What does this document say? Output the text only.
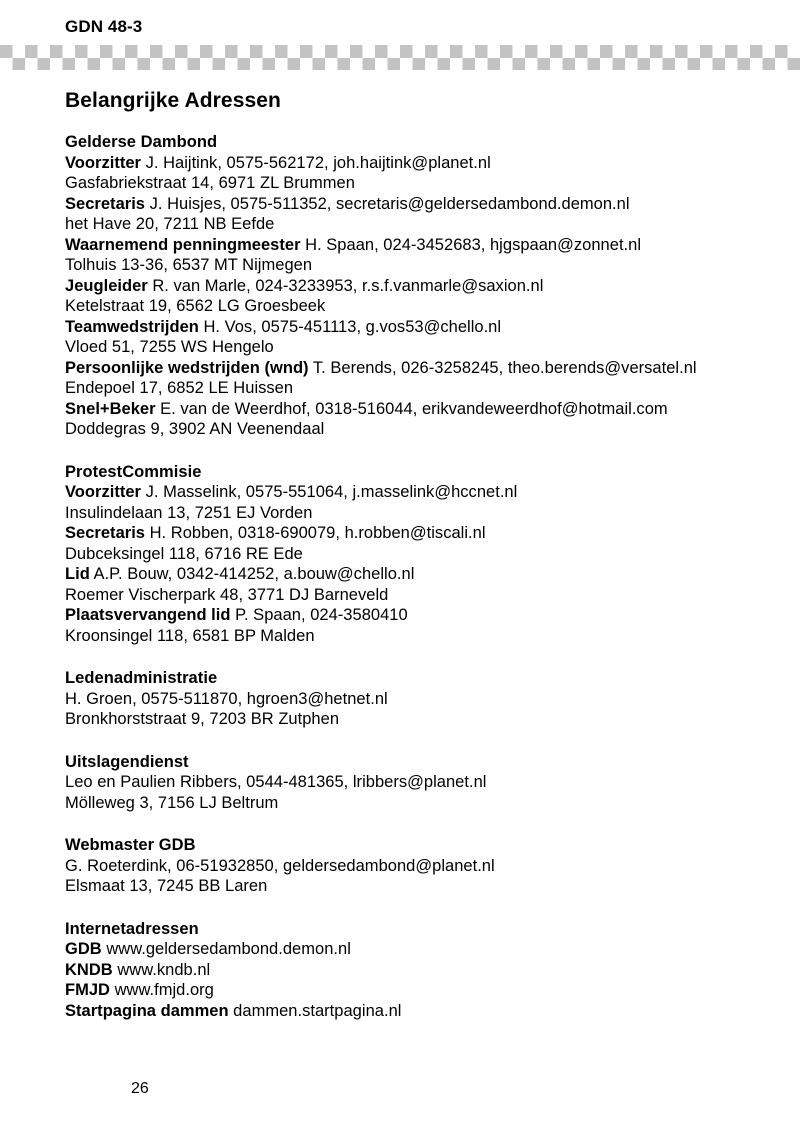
GDN 48-3
Belangrijke Adressen
Gelderse Dambond
Voorzitter J. Haijtink, 0575-562172, joh.haijtink@planet.nl
Gasfabriekstraat 14, 6971 ZL Brummen
Secretaris J. Huisjes, 0575-511352, secretaris@geldersedambond.demon.nl
het Have 20, 7211 NB Eefde
Waarnemend penningmeester H. Spaan, 024-3452683, hjgspaan@zonnet.nl
Tolhuis 13-36, 6537 MT Nijmegen
Jeugleider R. van Marle, 024-3233953, r.s.f.vanmarle@saxion.nl
Ketelstraat 19, 6562 LG Groesbeek
Teamwedstrijden H. Vos, 0575-451113, g.vos53@chello.nl
Vloed 51, 7255 WS Hengelo
Persoonlijke wedstrijden (wnd) T. Berends, 026-3258245, theo.berends@versatel.nl
Endepoel 17, 6852 LE Huissen
Snel+Beker E. van de Weerdhof, 0318-516044, erikvandeweerdhof@hotmail.com
Doddegras 9, 3902 AN Veenendaal
ProtestCommisie
Voorzitter J. Masselink, 0575-551064, j.masselink@hccnet.nl
Insulindelaan 13, 7251 EJ Vorden
Secretaris H. Robben, 0318-690079, h.robben@tiscali.nl
Dubceksingel 118, 6716 RE Ede
Lid A.P. Bouw, 0342-414252, a.bouw@chello.nl
Roemer Vischerpark 48, 3771 DJ Barneveld
Plaatsvervangend lid P. Spaan, 024-3580410
Kroonsingel 118, 6581 BP Malden
Ledenadministratie
H. Groen, 0575-511870, hgroen3@hetnet.nl
Bronkhorststraat 9, 7203 BR Zutphen
Uitslagendienst
Leo en Paulien Ribbers, 0544-481365, lribbers@planet.nl
Mölleweg 3, 7156 LJ Beltrum
Webmaster GDB
G. Roeterdink, 06-51932850, geldersedambond@planet.nl
Elsmaat 13, 7245 BB Laren
Internetadressen
GDB www.geldersedambond.demon.nl
KNDB www.kndb.nl
FMJD www.fmjd.org
Startpagina dammen dammen.startpagina.nl
26
